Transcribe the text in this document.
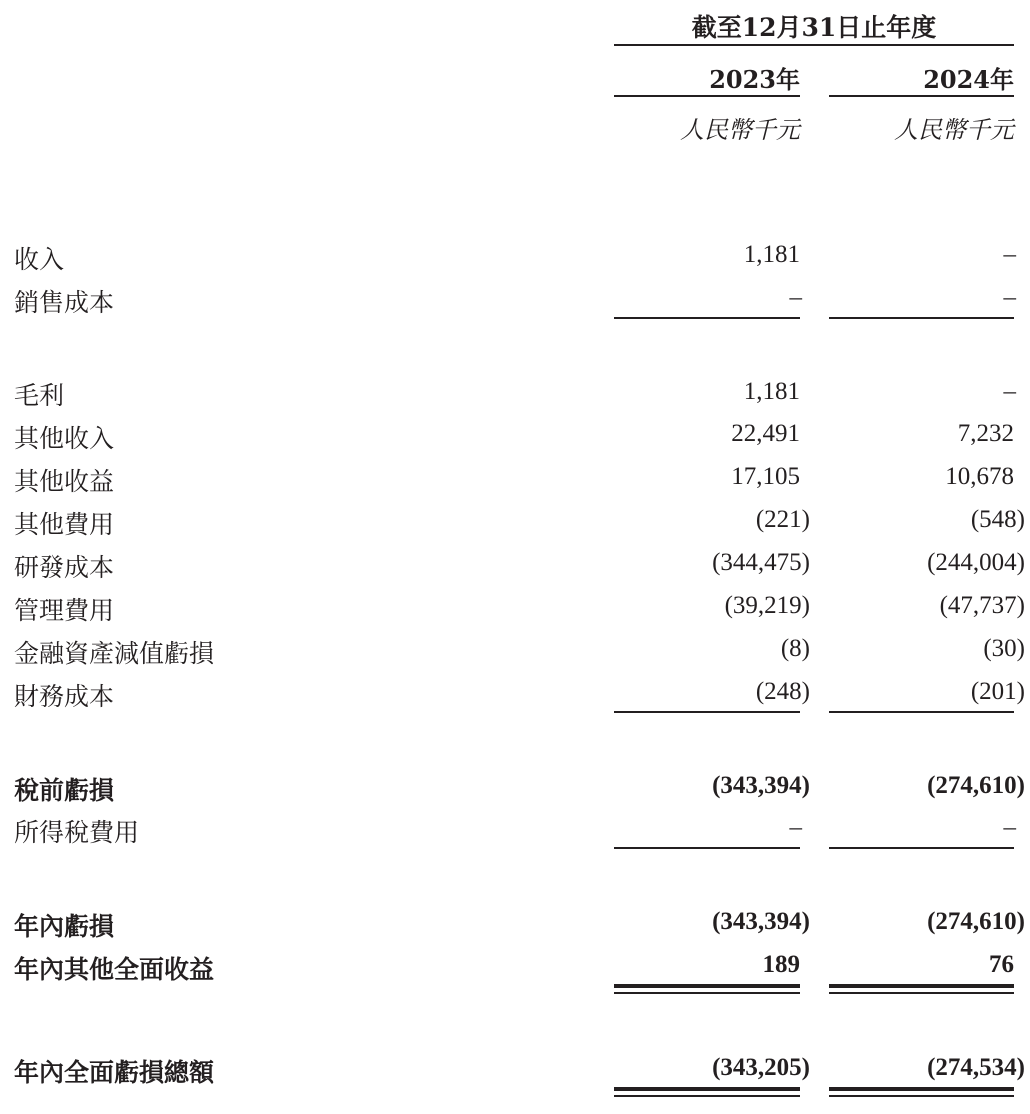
截至12月31日止年度
2023年	2024年
人民幣千元	人民幣千元
收入	1,181	–
銷售成本	–	–
毛利	1,181	–
其他收入	22,491	7,232
其他收益	17,105	10,678
其他費用	(221)	(548)
研發成本	(344,475)	(244,004)
管理費用	(39,219)	(47,737)
金融資產減值虧損	(8)	(30)
財務成本	(248)	(201)
稅前虧損	(343,394)	(274,610)
所得稅費用	–	–
年內虧損	(343,394)	(274,610)
年內其他全面收益	189	76
年內全面虧損總額	(343,205)	(274,534)
